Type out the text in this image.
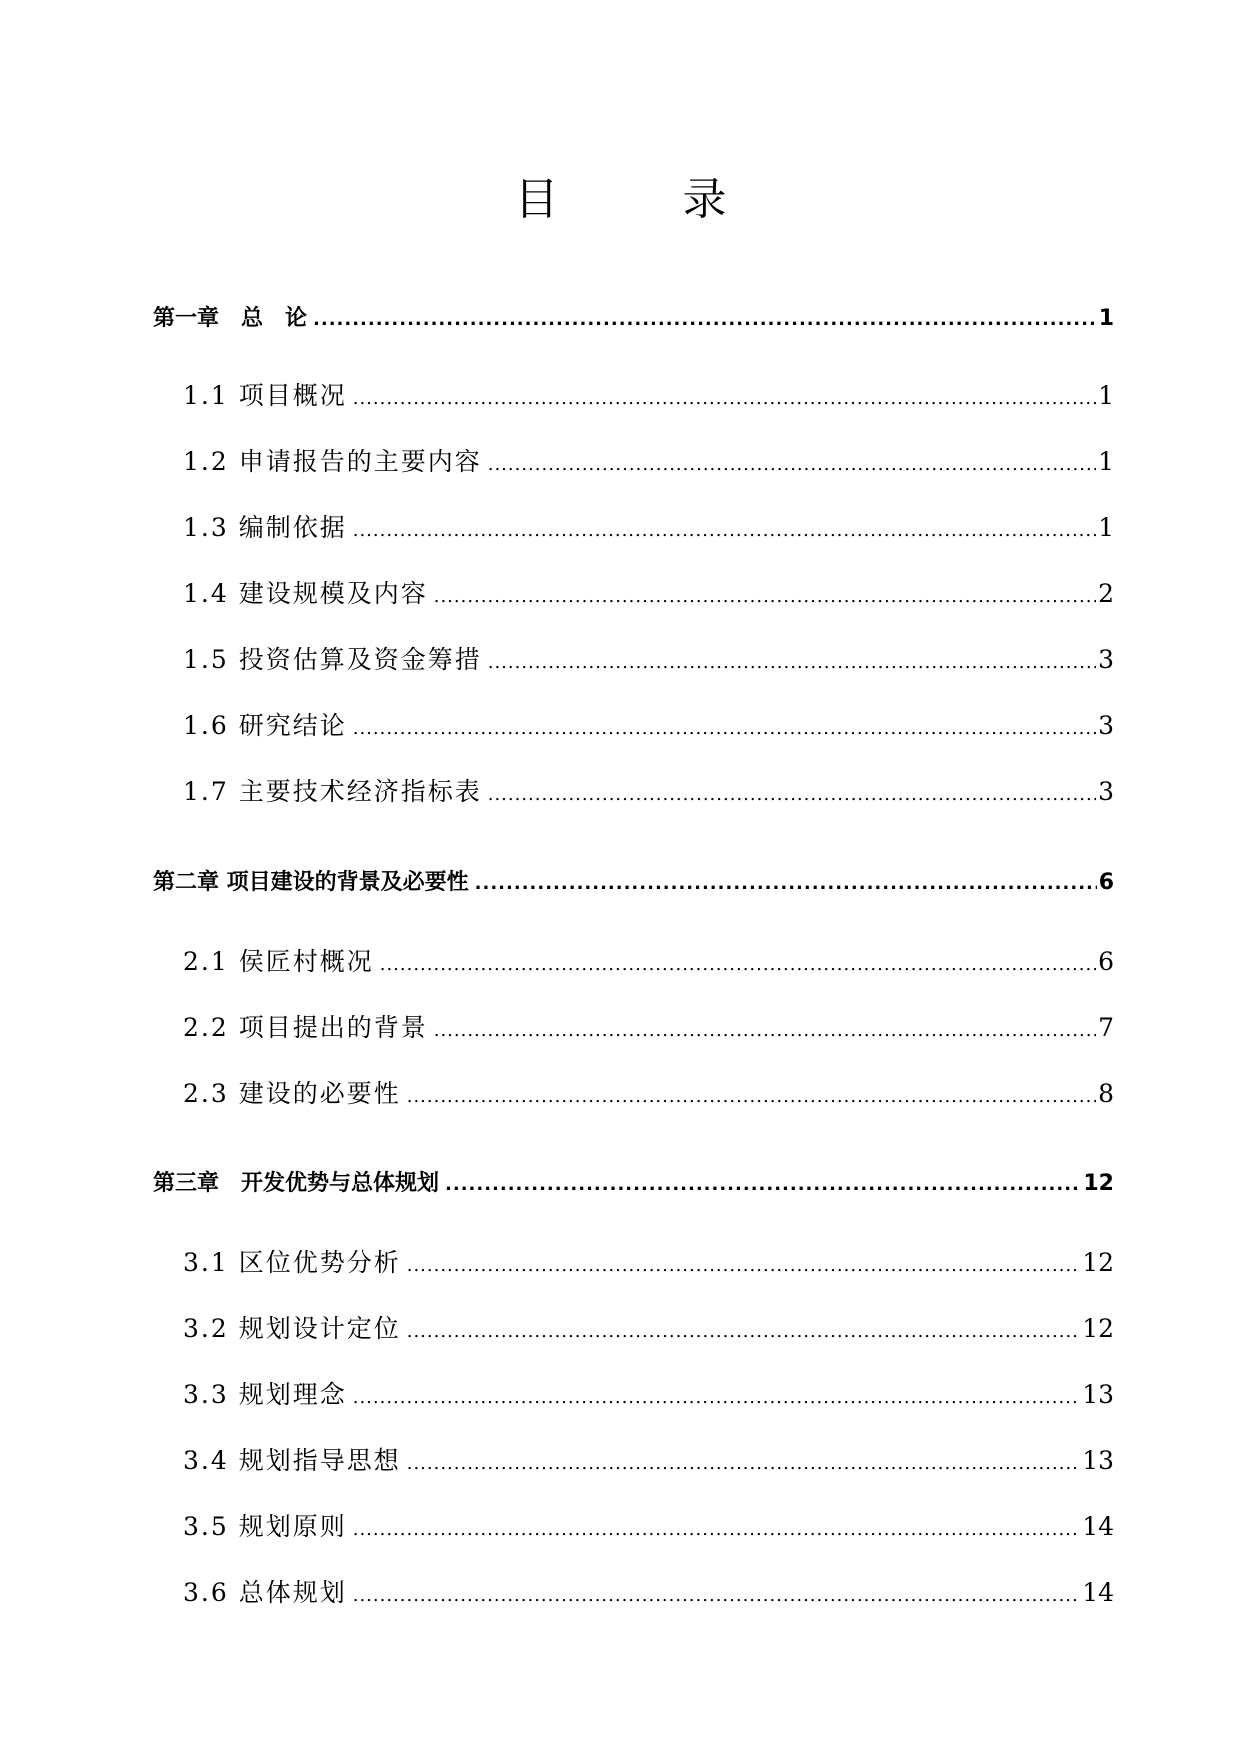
目　录
第一章　总　论 .....	1
1.1 项目概况 .....	1
1.2 申请报告的主要内容 .....	1
1.3 编制依据 .....	1
1.4 建设规模及内容 .....	2
1.5 投资估算及资金筹措 .....	3
1.6 研究结论 .....	3
1.7 主要技术经济指标表 .....	3
第二章 项目建设的背景及必要性 .....	6
2.1 侯匠村概况 .....	6
2.2 项目提出的背景 .....	7
2.3 建设的必要性 .....	8
第三章　开发优势与总体规划 .....	12
3.1 区位优势分析 .....	12
3.2 规划设计定位 .....	12
3.3 规划理念 .....	13
3.4 规划指导思想 .....	13
3.5 规划原则 .....	14
3.6 总体规划 .....	14
